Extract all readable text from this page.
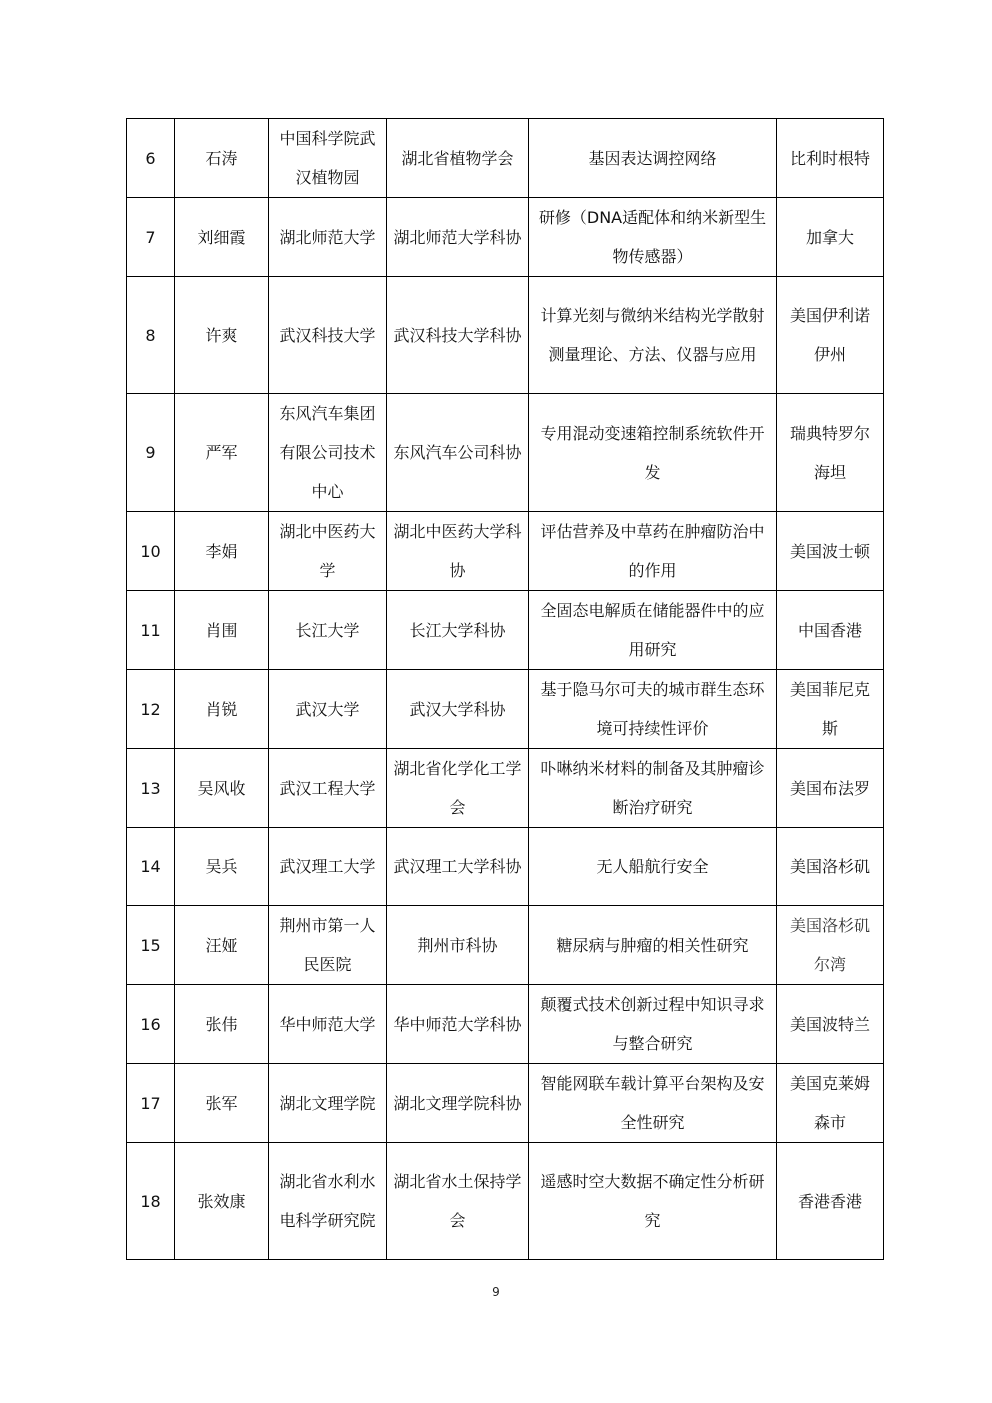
6	石涛	中国科学院武汉植物园	湖北省植物学会	基因表达调控网络	比利时根特
7	刘细霞	湖北师范大学	湖北师范大学科协	研修（DNA适配体和纳米新型生物传感器）	加拿大
8	许爽	武汉科技大学	武汉科技大学科协	计算光刻与微纳米结构光学散射测量理论、方法、仪器与应用	美国伊利诺伊州
9	严军	东风汽车集团有限公司技术中心	东风汽车公司科协	专用混动变速箱控制系统软件开发	瑞典特罗尔海坦
10	李娟	湖北中医药大学	湖北中医药大学科协	评估营养及中草药在肿瘤防治中的作用	美国波士顿
11	肖围	长江大学	长江大学科协	全固态电解质在储能器件中的应用研究	中国香港
12	肖锐	武汉大学	武汉大学科协	基于隐马尔可夫的城市群生态环境可持续性评价	美国菲尼克斯
13	吴风收	武汉工程大学	湖北省化学化工学会	卟啉纳米材料的制备及其肿瘤诊断治疗研究	美国布法罗
14	吴兵	武汉理工大学	武汉理工大学科协	无人船航行安全	美国洛杉矶
15	汪娅	荆州市第一人民医院	荆州市科协	糖尿病与肿瘤的相关性研究	美国洛杉矶尔湾
16	张伟	华中师范大学	华中师范大学科协	颠覆式技术创新过程中知识寻求与整合研究	美国波特兰
17	张军	湖北文理学院	湖北文理学院科协	智能网联车载计算平台架构及安全性研究	美国克莱姆森市
18	张效康	湖北省水利水电科学研究院	湖北省水土保持学会	遥感时空大数据不确定性分析研究	香港香港
9
